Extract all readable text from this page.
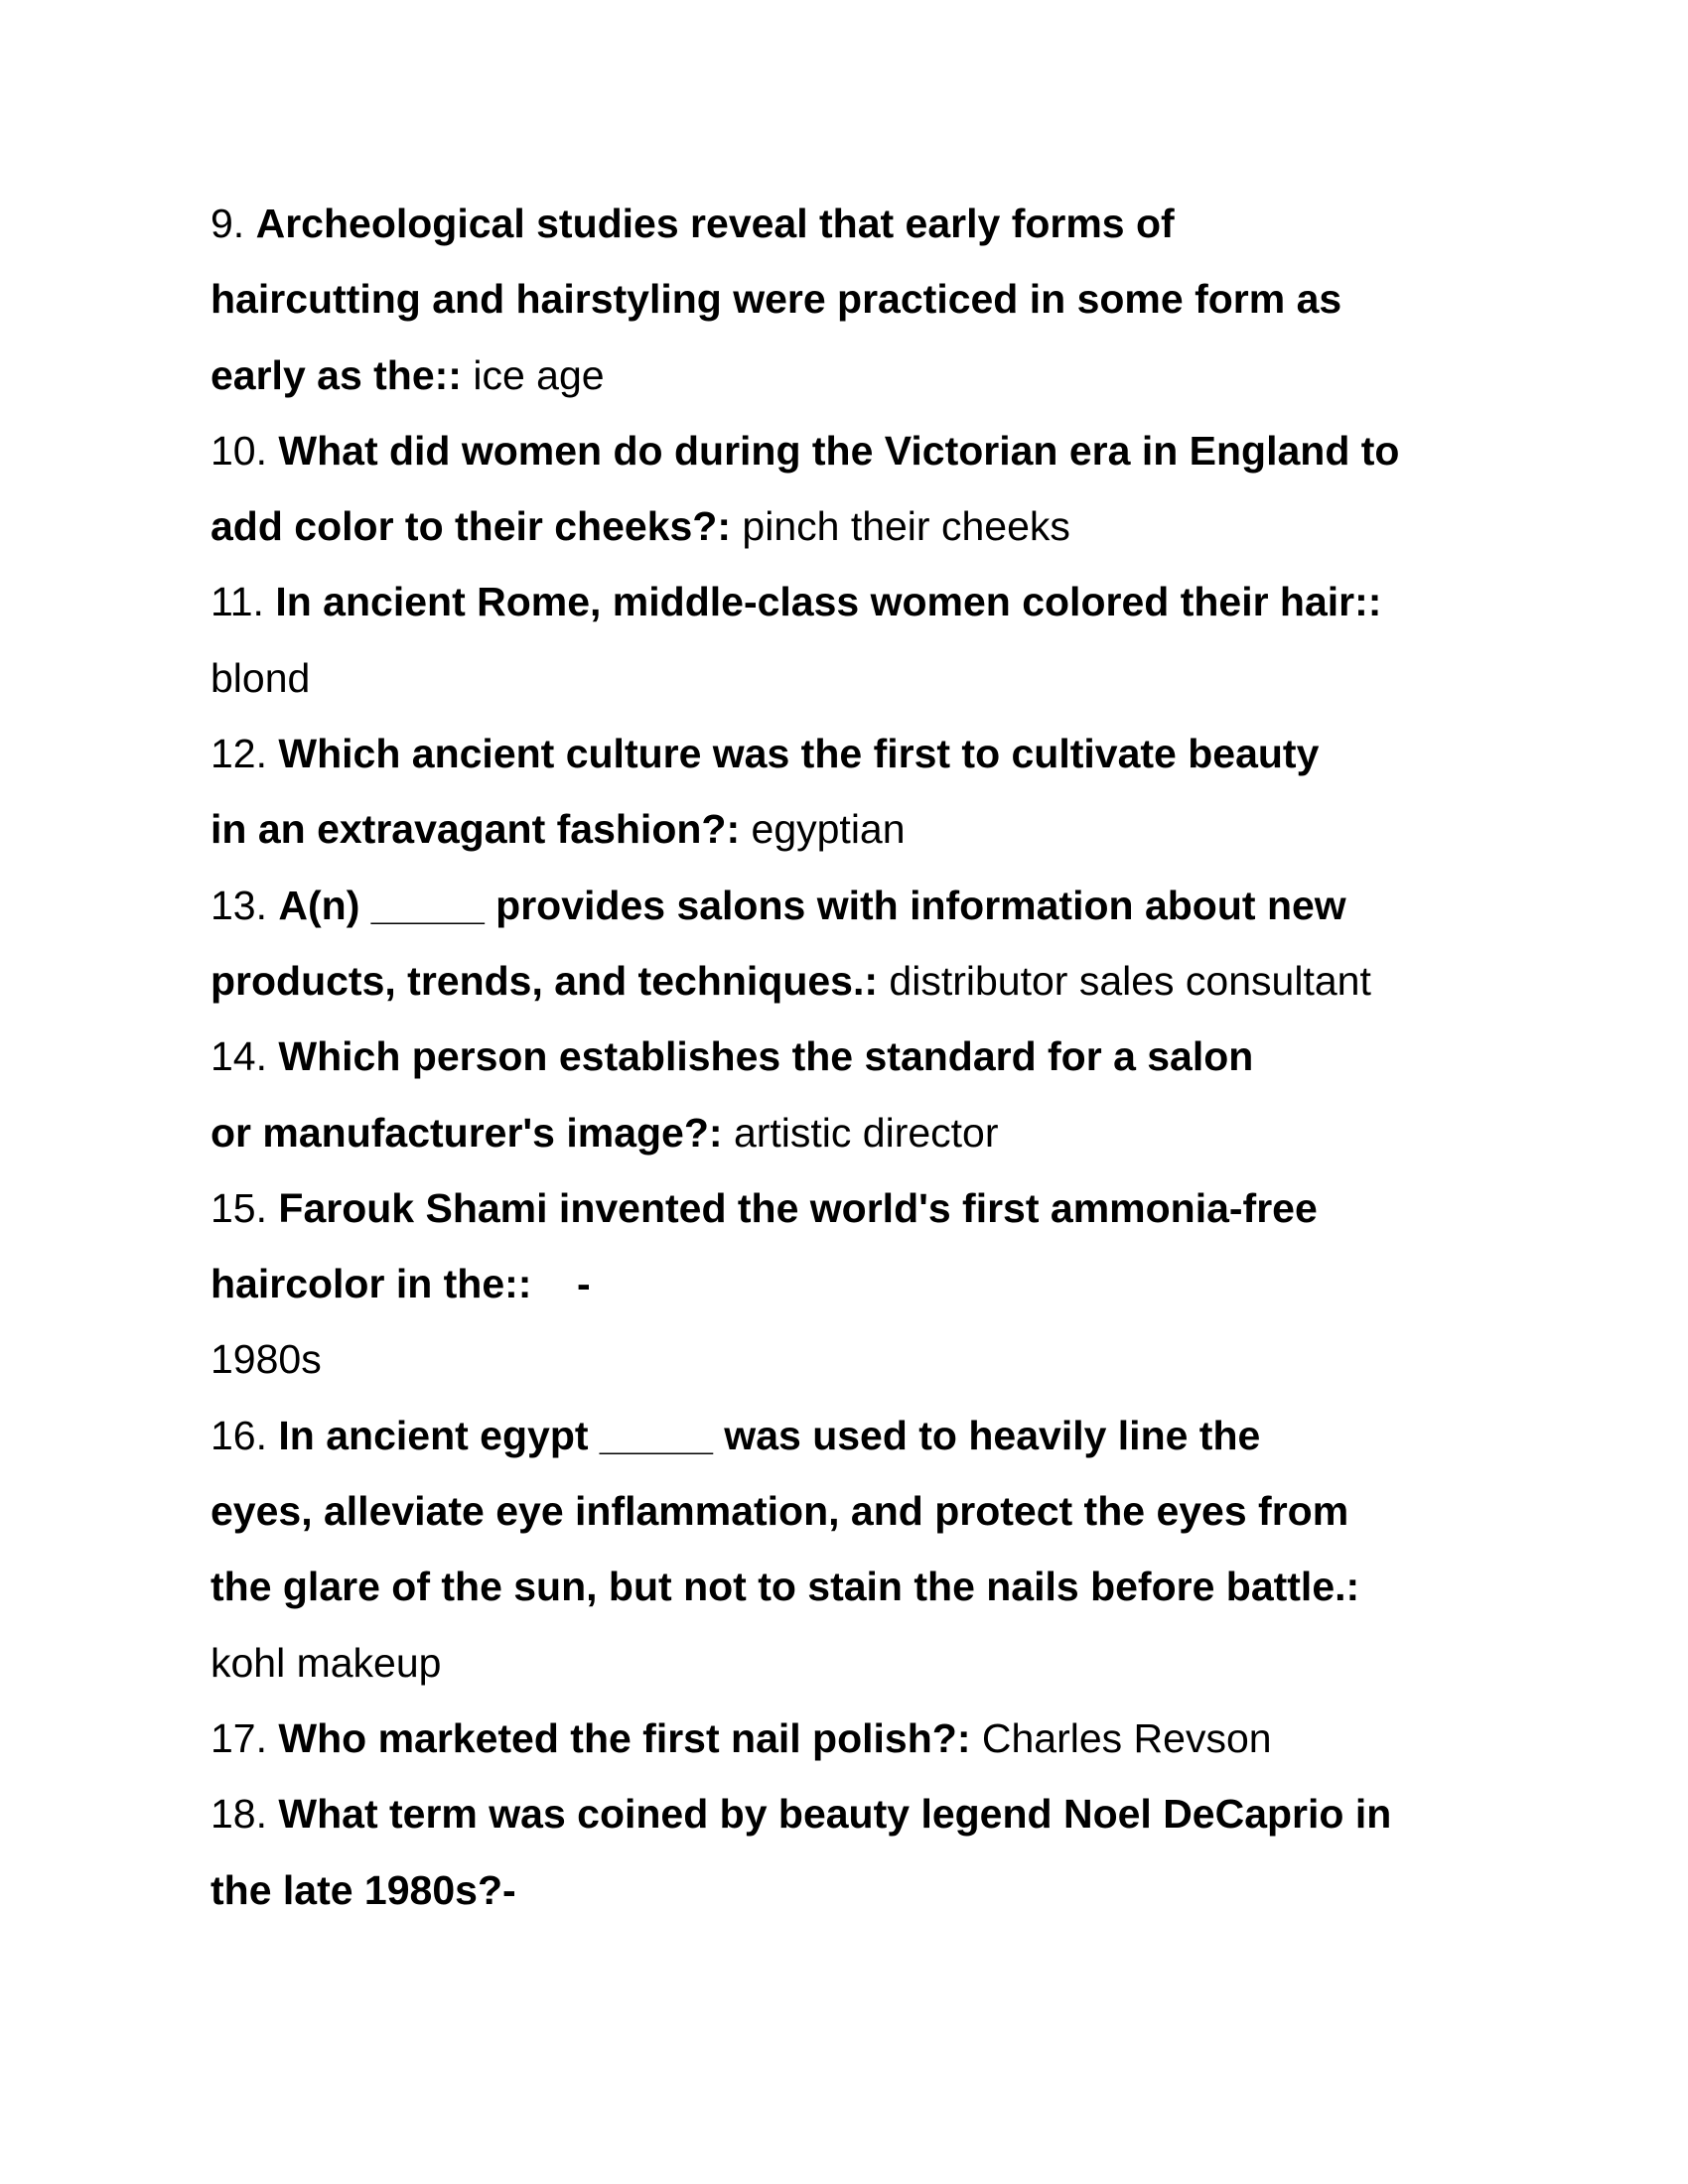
9. Archeological studies reveal that early forms of
haircutting and hairstyling were practiced in some form as
early as the:: ice age
10. What did women do during the Victorian era in England to
add color to their cheeks?: pinch their cheeks
11. In ancient Rome, middle-class women colored their hair::
blond
12. Which ancient culture was the first to cultivate beauty
in an extravagant fashion?: egyptian
13. A(n) _____ provides salons with information about new
products, trends, and techniques.: distributor sales consultant
14. Which person establishes the standard for a salon
or manufacturer's image?: artistic director
15. Farouk Shami invented the world's first ammonia-free
haircolor in the::    -
1980s
16. In ancient egypt _____ was used to heavily line the
eyes, alleviate eye inflammation, and protect the eyes from
the glare of the sun, but not to stain the nails before battle.:
kohl makeup
17. Who marketed the first nail polish?: Charles Revson
18. What term was coined by beauty legend Noel DeCaprio in
the late 1980s?-
